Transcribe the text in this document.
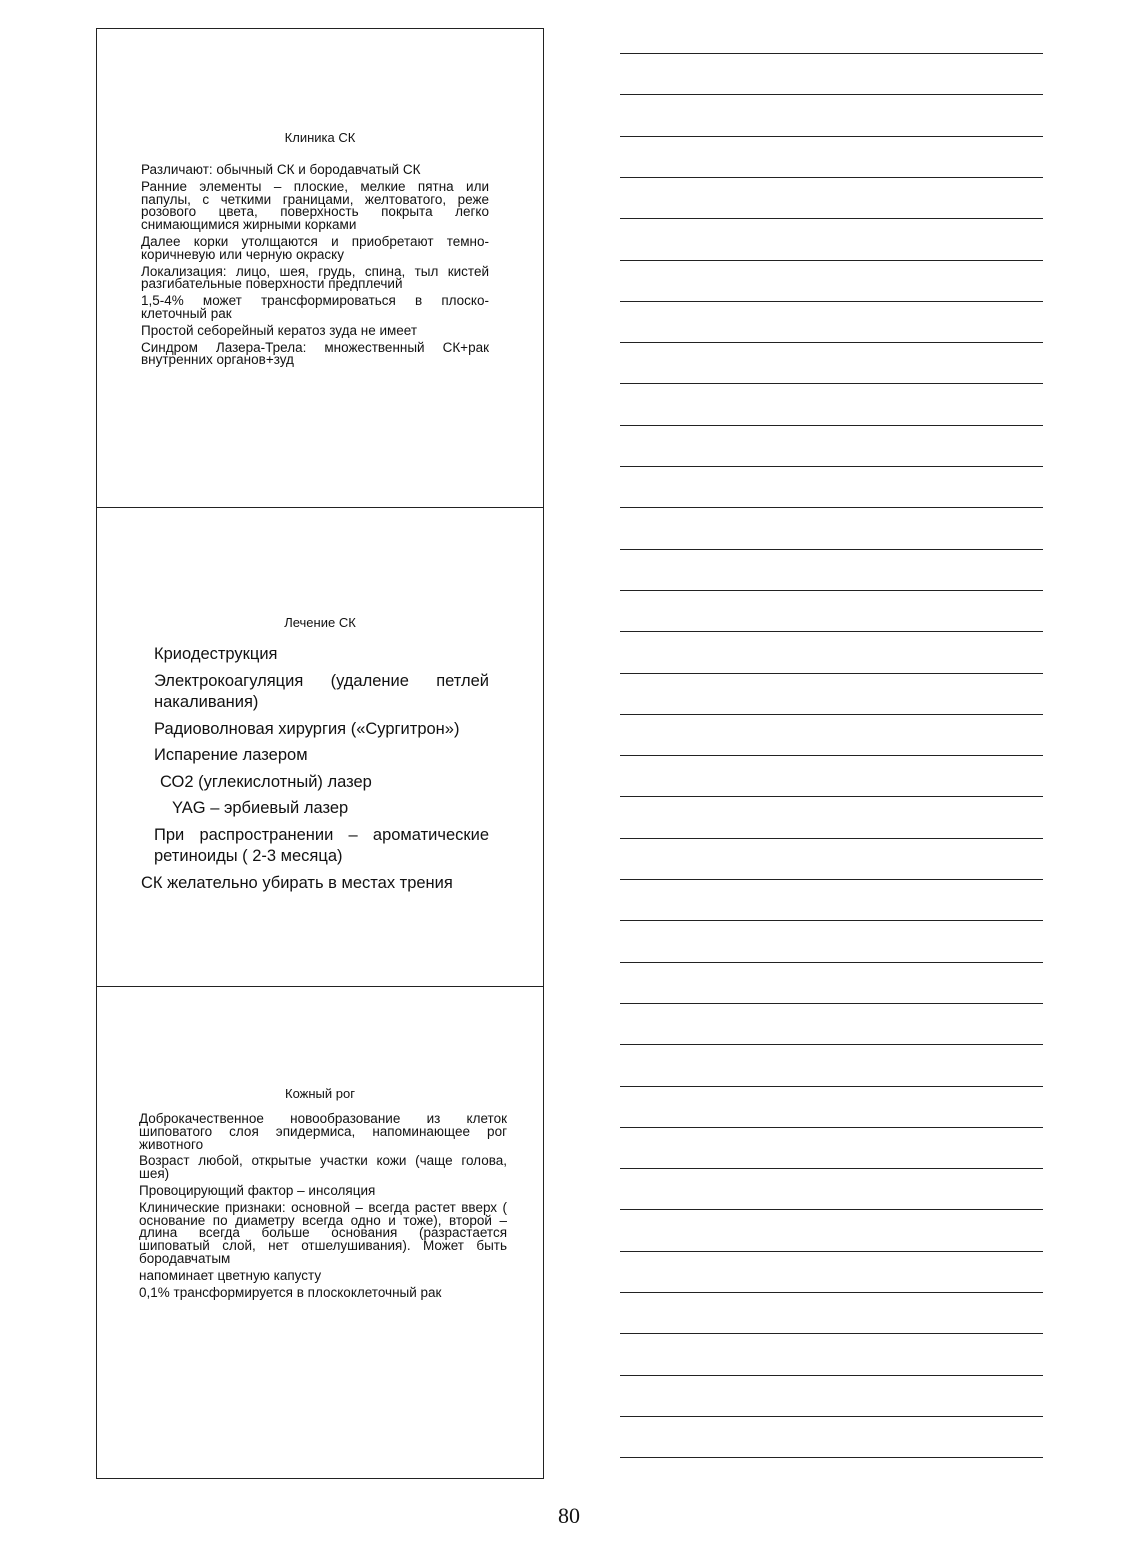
Клиника СК
Различают: обычный СК и бородавчатый СК
Ранние элементы – плоские, мелкие пятна или папулы, с четкими границами, желтоватого, реже розового цвета, поверхность покрыта легко снимающимися жирными корками
Далее корки утолщаются и приобретают темно- коричневую или черную окраску
Локализация: лицо, шея, грудь, спина, тыл кистей разгибательные поверхности предплечий
1,5-4% может трансформироваться в плоско-клеточный рак
Простой себорейный кератоз зуда не имеет
Синдром Лазера-Трела: множественный СК+рак внутренних органов+зуд
Лечение СК
Криодеструкция
Электрокоагуляция (удаление петлей накаливания)
Радиоволновая хирургия («Сургитрон»)
Испарение лазером
СО2 (углекислотный) лазер
YAG – эрбиевый лазер
При распространении – ароматические ретиноиды ( 2-3 месяца)
СК желательно убирать в местах трения
Кожный рог
Доброкачественное новообразование из клеток шиповатого слоя эпидермиса, напоминающее рог животного
Возраст любой, открытые участки кожи (чаще голова, шея)
Провоцирующий фактор – инсоляция
Клинические признаки: основной – всегда растет вверх ( основание по диаметру всегда одно и тоже), второй – длина всегда больше основания (разрастается шиповатый слой, нет отшелушивания). Может быть бородавчатым
напоминает цветную капусту
0,1% трансформируется в плоскоклеточный рак
80
